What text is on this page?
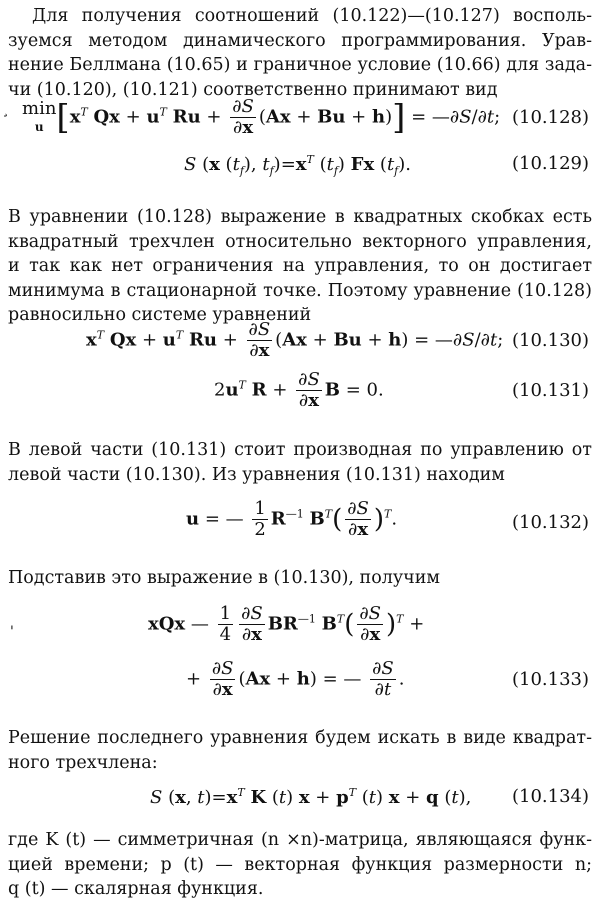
Для получения соотношений (10.122)—(10.127) восполь-
зуемся методом динамического программирования. Урав-
нение Беллмана (10.65) и граничное условие (10.66) для зада-
чи (10.120), (10.121) соответственно принимают вид
min
u [$x^T$ $Qx + u^T$ $Ru + \frac{\partial S}{\partial x} (Ax + Bu + h)$] = —∂S/∂t; (10.128)
S (x $(t_f)$, $t_f)=x^T$ $(t_f)$ Fx $(t_f)$.	(10.129)
В уравнении (10.128) выражение в квадратных скобках есть
квадратный трехчлен относительно векторного управления,
и так как нет ограничения на управления, то он достигает
минимума в стационарной точке. Поэтому уравнение (10.128)
равносильно системе уравнений
$x^T$ $Qx + u^T$ $Ru + \frac{\partial S}{\partial x} (Ax + Bu + h)$ = —∂S/∂t; (10.130)
$2u^T$ $R + \frac{\partial S}{\partial x}$ B = 0.	(10.131)
В левой части (10.131) стоит производная по управлению от
левой части (10.130). Из уравнения (10.131) находим
u = — $\frac{1}{2} R^{—1}$ $B^T( \frac{\partial S}{\partial x} )^T$.	(10.132)
Подставив это выражение в (10.130), получим
xQx — $\frac{1}{4} \frac{\partial S}{\partial x} BR^{—1}$ $B^T( \frac{\partial S}{\partial x} )^T$ +
+ $\frac{\partial S}{\partial x} (Ax + h)$ = — $\frac{\partial S}{\partial t}$ .	(10.133)
Решение последнего уравнения будем искать в виде квадрат-
ного трехчлена:
S (x, $t)=x^T$ K (t) $x + p^T$ (t) x + q (t), (10.134)
где K (t) — симметричная (n ×n)-матрица, являющаяся функ-
цией времени; p (t) — векторная функция размерности n;
q (t) — скалярная функция.
¸
'
